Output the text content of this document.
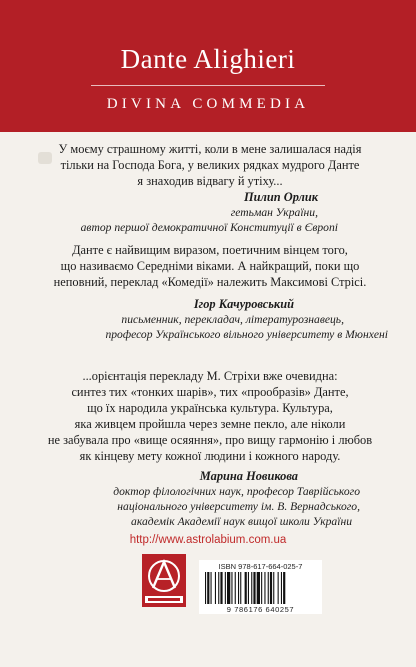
Dante Alighieri
DIVINA COMMEDIA
У моєму страшному житті, коли в мене залишалася надія
тільки на Господа Бога, у великих рядках мудрого Данте
я знаходив відвагу й утіху...
Пилип Орлик
гетьман України,
автор першої демократичної Конституції в Європі
Данте є найвищим виразом, поетичним вінцем того,
що називаємо Середніми віками. А найкращий, поки що
неповний, переклад «Комедії» належить Максимові Стрісі.
Ігор Качуровський
письменник, перекладач, літературознавець,
професор Українського вільного університету в Мюнхені
...орієнтація перекладу М. Стріхи вже очевидна:
синтез тих «тонких шарів», тих «прообразів» Данте,
що їх народила українська культура. Культура,
яка живцем пройшла через земне пекло, але ніколи
не забувала про «вище осяяння», про вищу гармонію і любов
як кінцеву мету кожної людини і кожного народу.
Марина Новикова
доктор філологічних наук, професор Таврійського
національного університету ім. В. Вернадського,
академік Академії наук вищої школи України
http://www.astrolabium.com.ua
ISBN 978-617-664-025-7
9 786176 640257
